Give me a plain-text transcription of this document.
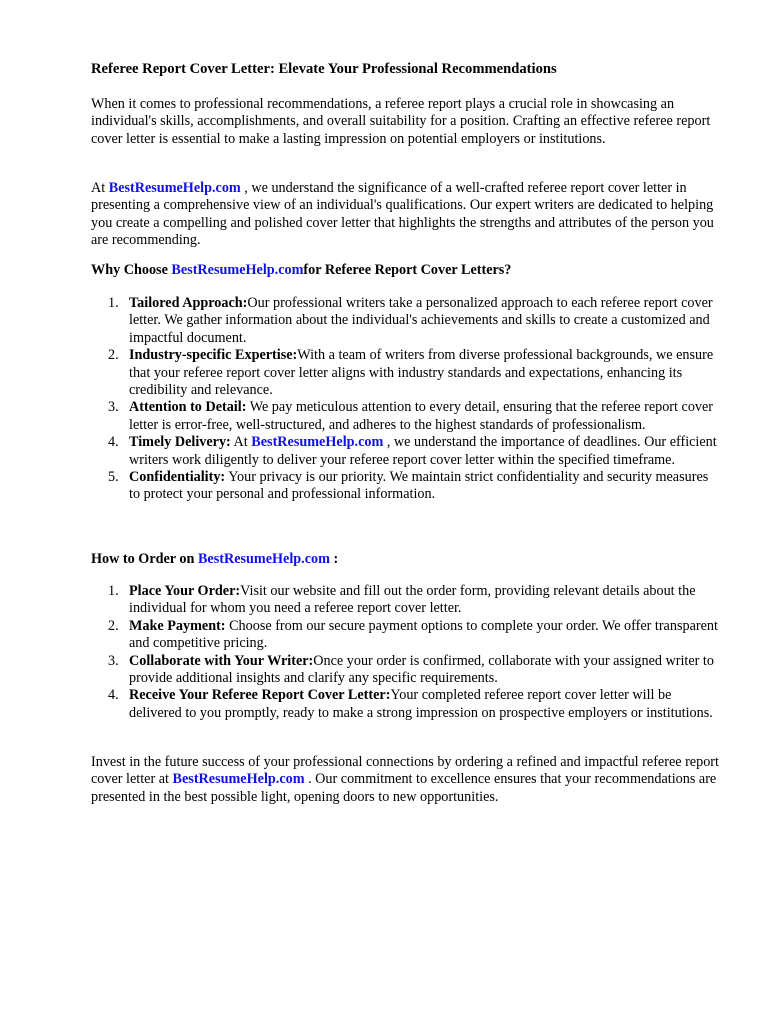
Referee Report Cover Letter: Elevate Your Professional Recommendations
When it comes to professional recommendations, a referee report plays a crucial role in showcasing an individual's skills, accomplishments, and overall suitability for a position. Crafting an effective referee report cover letter is essential to make a lasting impression on potential employers or institutions.
At BestResumeHelp.com , we understand the significance of a well-crafted referee report cover letter in presenting a comprehensive view of an individual's qualifications. Our expert writers are dedicated to helping you create a compelling and polished cover letter that highlights the strengths and attributes of the person you are recommending.
Why Choose BestResumeHelp.comfor Referee Report Cover Letters?
1. Tailored Approach:Our professional writers take a personalized approach to each referee report cover letter. We gather information about the individual's achievements and skills to create a customized and impactful document.
2. Industry-specific Expertise:With a team of writers from diverse professional backgrounds, we ensure that your referee report cover letter aligns with industry standards and expectations, enhancing its credibility and relevance.
3. Attention to Detail: We pay meticulous attention to every detail, ensuring that the referee report cover letter is error-free, well-structured, and adheres to the highest standards of professionalism.
4. Timely Delivery: At BestResumeHelp.com , we understand the importance of deadlines. Our efficient writers work diligently to deliver your referee report cover letter within the specified timeframe.
5. Confidentiality: Your privacy is our priority. We maintain strict confidentiality and security measures to protect your personal and professional information.
How to Order on BestResumeHelp.com :
1. Place Your Order:Visit our website and fill out the order form, providing relevant details about the individual for whom you need a referee report cover letter.
2. Make Payment: Choose from our secure payment options to complete your order. We offer transparent and competitive pricing.
3. Collaborate with Your Writer:Once your order is confirmed, collaborate with your assigned writer to provide additional insights and clarify any specific requirements.
4. Receive Your Referee Report Cover Letter:Your completed referee report cover letter will be delivered to you promptly, ready to make a strong impression on prospective employers or institutions.
Invest in the future success of your professional connections by ordering a refined and impactful referee report cover letter at BestResumeHelp.com . Our commitment to excellence ensures that your recommendations are presented in the best possible light, opening doors to new opportunities.
